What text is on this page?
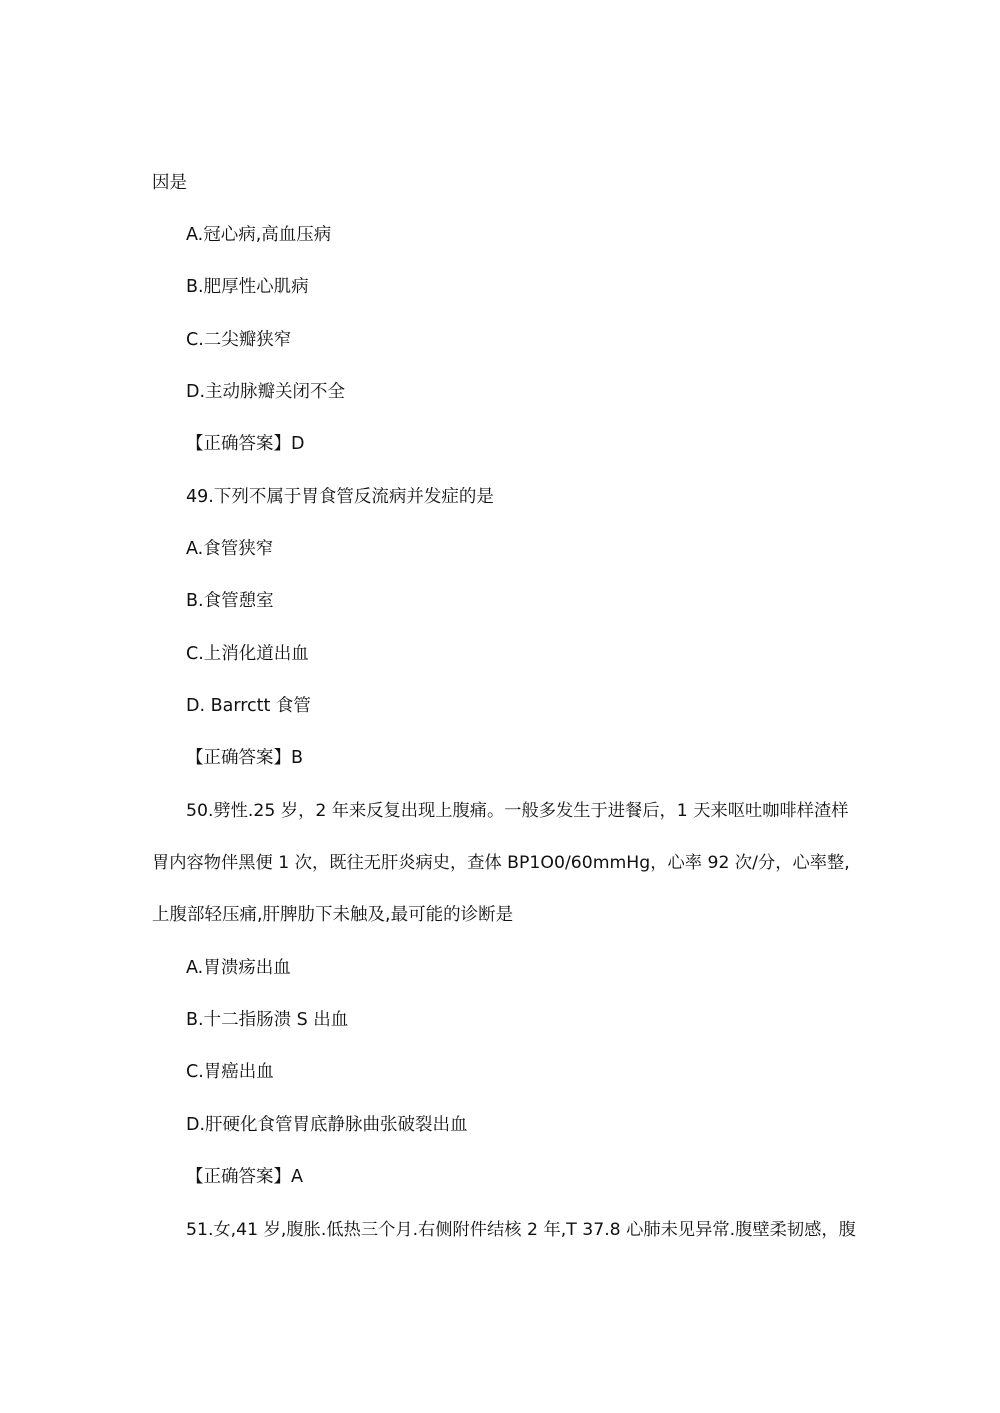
因是

A.冠心病,高血压病

B.肥厚性心肌病

C.二尖瓣狭窄

D.主动脉瓣关闭不全

【正确答案】D

49.下列不属于胃食管反流病并发症的是

A.食管狭窄

B.食管憩室

C.上消化道出血

D. Barrctt 食管

【正确答案】B

50.劈性.25 岁，2 年来反复出现上腹痛。一般多发生于进餐后，1 天来呕吐咖啡样渣样

胃内容物伴黑便 1 次，既往无肝炎病史，查体 BP1O0/60mmHg，心率 92 次/分，心率整,

上腹部轻压痛,肝脾肋下未触及,最可能的诊断是

A.胃溃疡出血

B.十二指肠溃 S 出血

C.胃癌出血

D.肝硬化食管胃底静脉曲张破裂出血

【正确答案】A

51.女,41 岁,腹胀.低热三个月.右侧附件结核 2 年,T 37.8 心肺未见异常.腹壁柔韧感，腹
